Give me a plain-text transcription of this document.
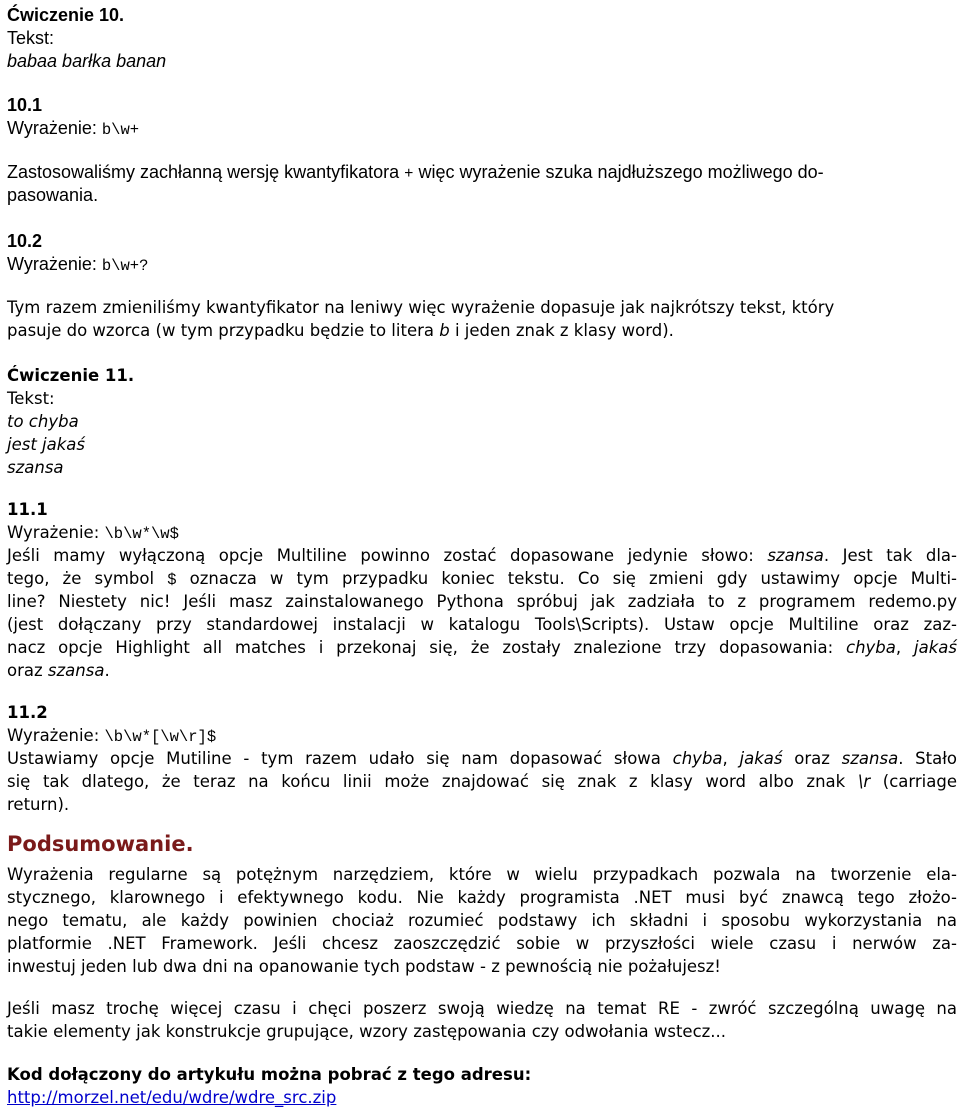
Ćwiczenie 10.
Tekst:
babaa barłka banan
10.1
Wyrażenie: b\w+
Zastosowaliśmy zachłanną wersję kwantyfikatora + więc wyrażenie szuka najdłuższego możliwego do-
pasowania.
10.2
Wyrażenie: b\w+?
Tym razem zmieniliśmy kwantyfikator na leniwy więc wyrażenie dopasuje jak najkrótszy tekst, który
pasuje do wzorca (w tym przypadku będzie to litera b i jeden znak z klasy word).
Ćwiczenie 11.
Tekst:
to chyba
jest jakaś
szansa
11.1
Wyrażenie: \b\w*\w$
Jeśli mamy wyłączoną opcje Multiline powinno zostać dopasowane jedynie słowo: szansa. Jest tak dla-
tego, że symbol $ oznacza w tym przypadku koniec tekstu. Co się zmieni gdy ustawimy opcje Multi-
line? Niestety nic! Jeśli masz zainstalowanego Pythona spróbuj jak zadziała to z programem redemo.py
(jest dołączany przy standardowej instalacji w katalogu Tools\Scripts). Ustaw opcje Multiline oraz zaz-
nacz opcje Highlight all matches i przekonaj się, że zostały znalezione trzy dopasowania: chyba, jakaś
oraz szansa.
11.2
Wyrażenie: \b\w*[\w\r]$
Ustawiamy opcje Mutiline - tym razem udało się nam dopasować słowa chyba, jakaś oraz szansa. Stało
się tak dlatego, że teraz na końcu linii może znajdować się znak z klasy word albo znak \r (carriage
return).
Podsumowanie.
Wyrażenia regularne są potężnym narzędziem, które w wielu przypadkach pozwala na tworzenie ela-
stycznego, klarownego i efektywnego kodu. Nie każdy programista .NET musi być znawcą tego złożo-
nego tematu, ale każdy powinien chociaż rozumieć podstawy ich składni i sposobu wykorzystania na
platformie .NET Framework. Jeśli chcesz zaoszczędzić sobie w przyszłości wiele czasu i nerwów za-
inwestuj jeden lub dwa dni na opanowanie tych podstaw - z pewnością nie pożałujesz!
Jeśli masz trochę więcej czasu i chęci poszerz swoją wiedzę na temat RE - zwróć szczególną uwagę na
takie elementy jak konstrukcje grupujące, wzory zastępowania czy odwołania wstecz...
Kod dołączony do artykułu można pobrać z tego adresu:
http://morzel.net/edu/wdre/wdre_src.zip
